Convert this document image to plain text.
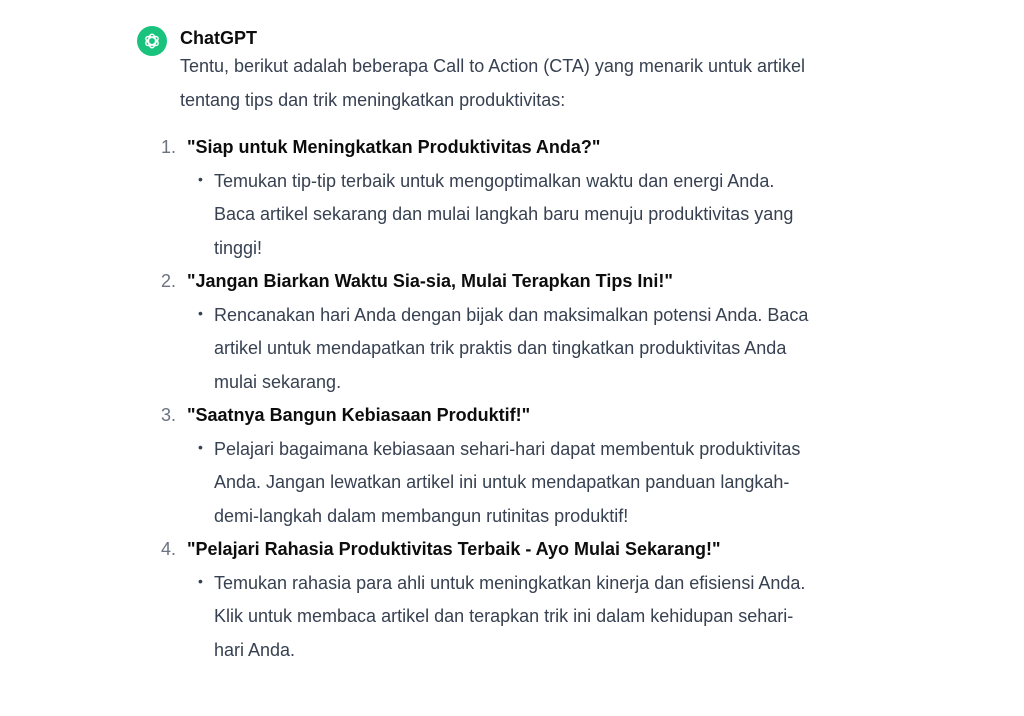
ChatGPT

Tentu, berikut adalah beberapa Call to Action (CTA) yang menarik untuk artikel tentang tips dan trik meningkatkan produktivitas:

1. "Siap untuk Meningkatkan Produktivitas Anda?"
• Temukan tip-tip terbaik untuk mengoptimalkan waktu dan energi Anda. Baca artikel sekarang dan mulai langkah baru menuju produktivitas yang tinggi!
2. "Jangan Biarkan Waktu Sia-sia, Mulai Terapkan Tips Ini!"
• Rencanakan hari Anda dengan bijak dan maksimalkan potensi Anda. Baca artikel untuk mendapatkan trik praktis dan tingkatkan produktivitas Anda mulai sekarang.
3. "Saatnya Bangun Kebiasaan Produktif!"
• Pelajari bagaimana kebiasaan sehari-hari dapat membentuk produktivitas Anda. Jangan lewatkan artikel ini untuk mendapatkan panduan langkah-demi-langkah dalam membangun rutinitas produktif!
4. "Pelajari Rahasia Produktivitas Terbaik - Ayo Mulai Sekarang!"
• Temukan rahasia para ahli untuk meningkatkan kinerja dan efisiensi Anda. Klik untuk membaca artikel dan terapkan trik ini dalam kehidupan sehari-hari Anda.
